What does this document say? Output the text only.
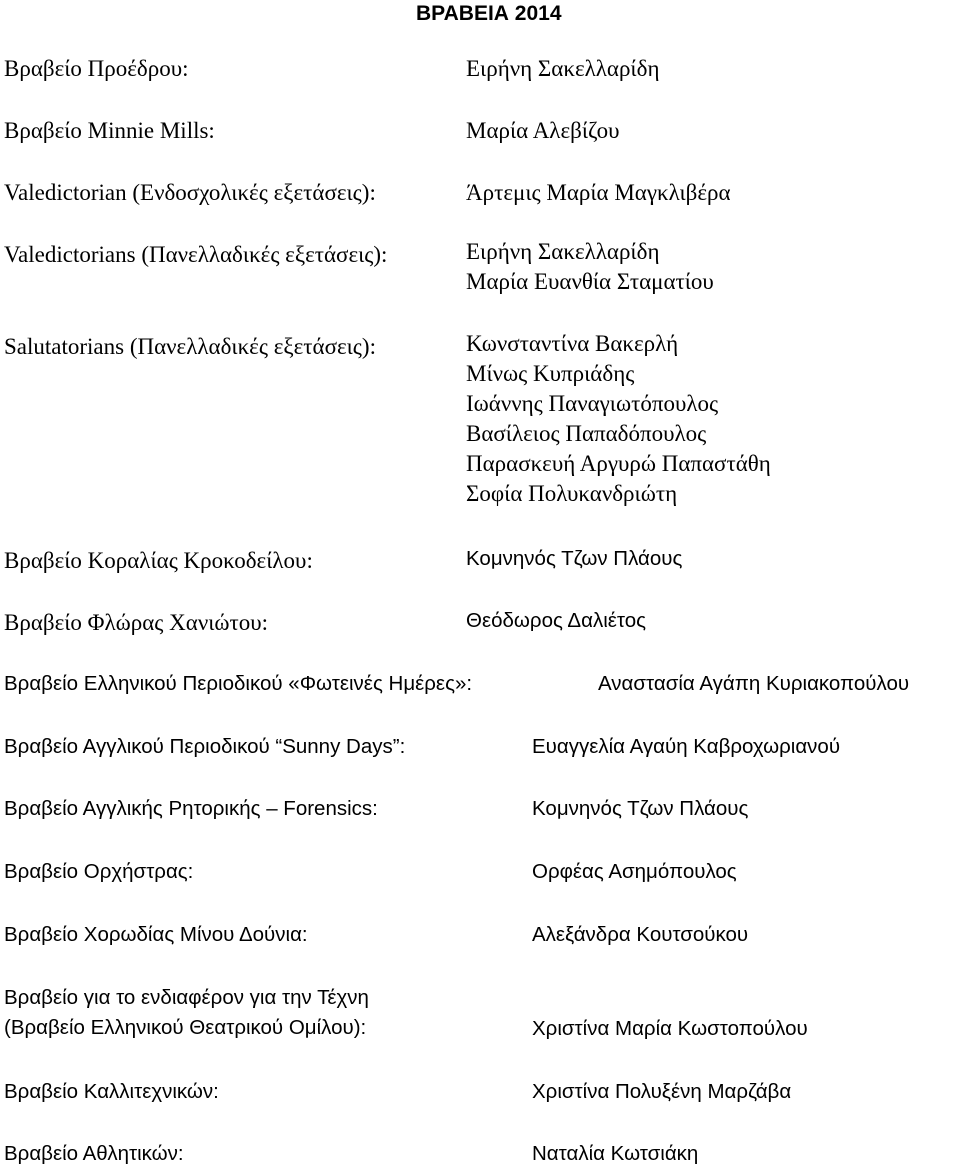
ΒΡΑΒΕΙΑ 2014
Βραβείο Προέδρου:	Ειρήνη Σακελλαρίδη
Βραβείο Minnie Mills:	Μαρία Αλεβίζου
Valedictorian (Ενδοσχολικές εξετάσεις):	Άρτεμις Μαρία Μαγκλιβέρα
Valedictorians (Πανελλαδικές εξετάσεις):	Ειρήνη Σακελλαρίδη
Μαρία Ευανθία Σταματίου
Salutatorians (Πανελλαδικές εξετάσεις):	Κωνσταντίνα Βακερλή
Μίνως Κυπριάδης
Ιωάννης Παναγιωτόπουλος
Βασίλειος Παπαδόπουλος
Παρασκευή Αργυρώ Παπαστάθη
Σοφία Πολυκανδριώτη
Βραβείο Κοραλίας Κροκοδείλου:	Κομνηνός Τζων Πλάους
Βραβείο Φλώρας Χανιώτου:	Θεόδωρος Δαλιέτος
Βραβείο Ελληνικού Περιοδικού «Φωτεινές Ημέρες»:	Αναστασία Αγάπη Κυριακοπούλου
Βραβείο Αγγλικού Περιοδικού “Sunny Days”:	Ευαγγελία Αγαύη Καβροχωριανού
Βραβείο Αγγλικής Ρητορικής – Forensics:	Κομνηνός Τζων Πλάους
Βραβείο Ορχήστρας:	Ορφέας Ασημόπουλος
Βραβείο Χορωδίας Μίνου Δούνια:	Αλεξάνδρα Κουτσούκου
Βραβείο για το ενδιαφέρον για την Τέχνη
(Βραβείο Ελληνικού Θεατρικού Ομίλου):	Χριστίνα Μαρία Κωστοπούλου
Βραβείο Καλλιτεχνικών:	Χριστίνα Πολυξένη Μαρζάβα
Βραβείο Αθλητικών:	Ναταλία Κωτσιάκη
